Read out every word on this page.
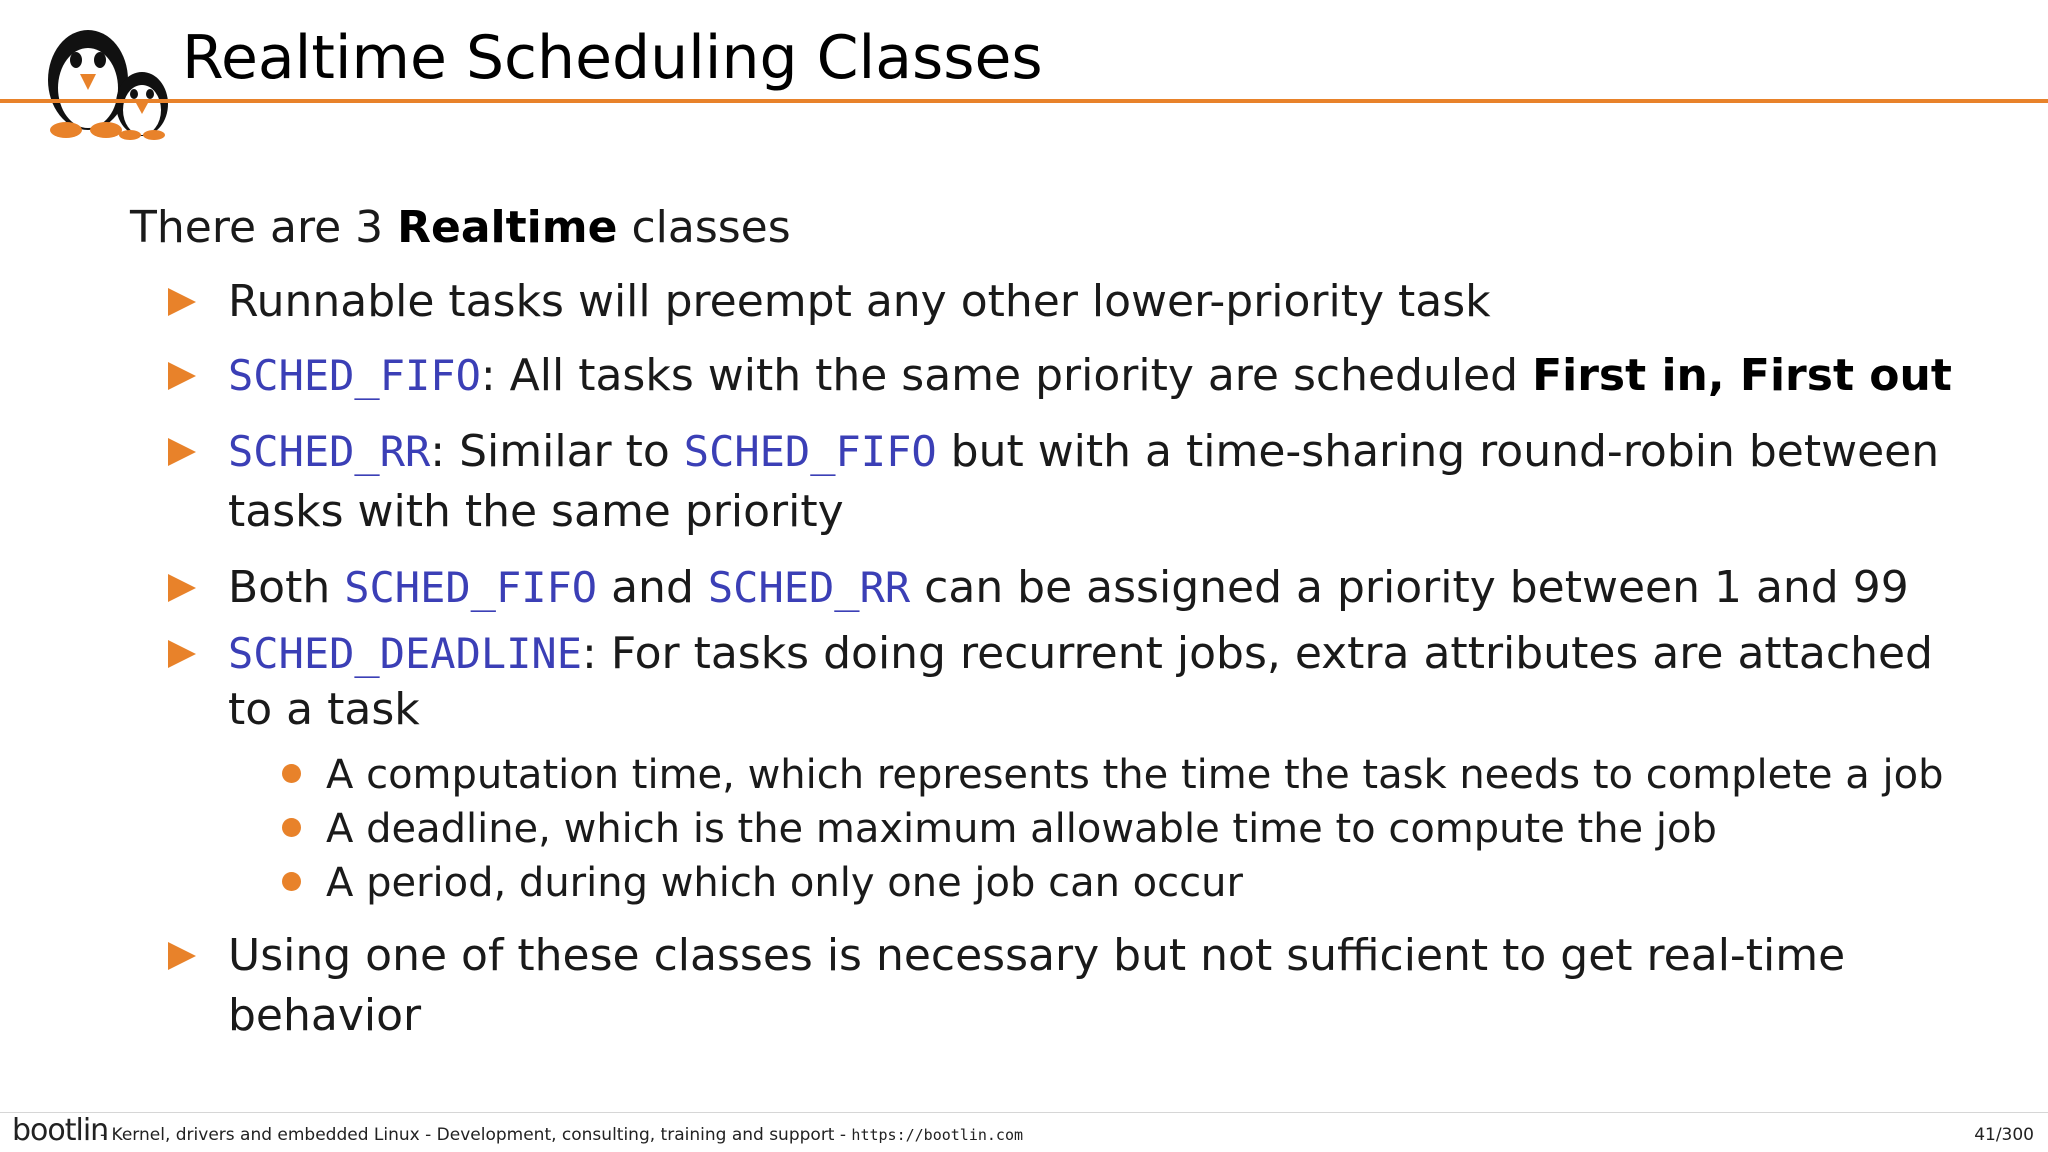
Realtime Scheduling Classes
There are 3 Realtime classes
Runnable tasks will preempt any other lower-priority task
SCHED_FIFO: All tasks with the same priority are scheduled First in, First out
SCHED_RR: Similar to SCHED_FIFO but with a time-sharing round-robin between tasks with the same priority
Both SCHED_FIFO and SCHED_RR can be assigned a priority between 1 and 99
SCHED_DEADLINE: For tasks doing recurrent jobs, extra attributes are attached to a task
A computation time, which represents the time the task needs to complete a job
A deadline, which is the maximum allowable time to compute the job
A period, during which only one job can occur
Using one of these classes is necessary but not sufficient to get real-time behavior
bootlin
- Kernel, drivers and embedded Linux - Development, consulting, training and support - https://bootlin.com	41/300
